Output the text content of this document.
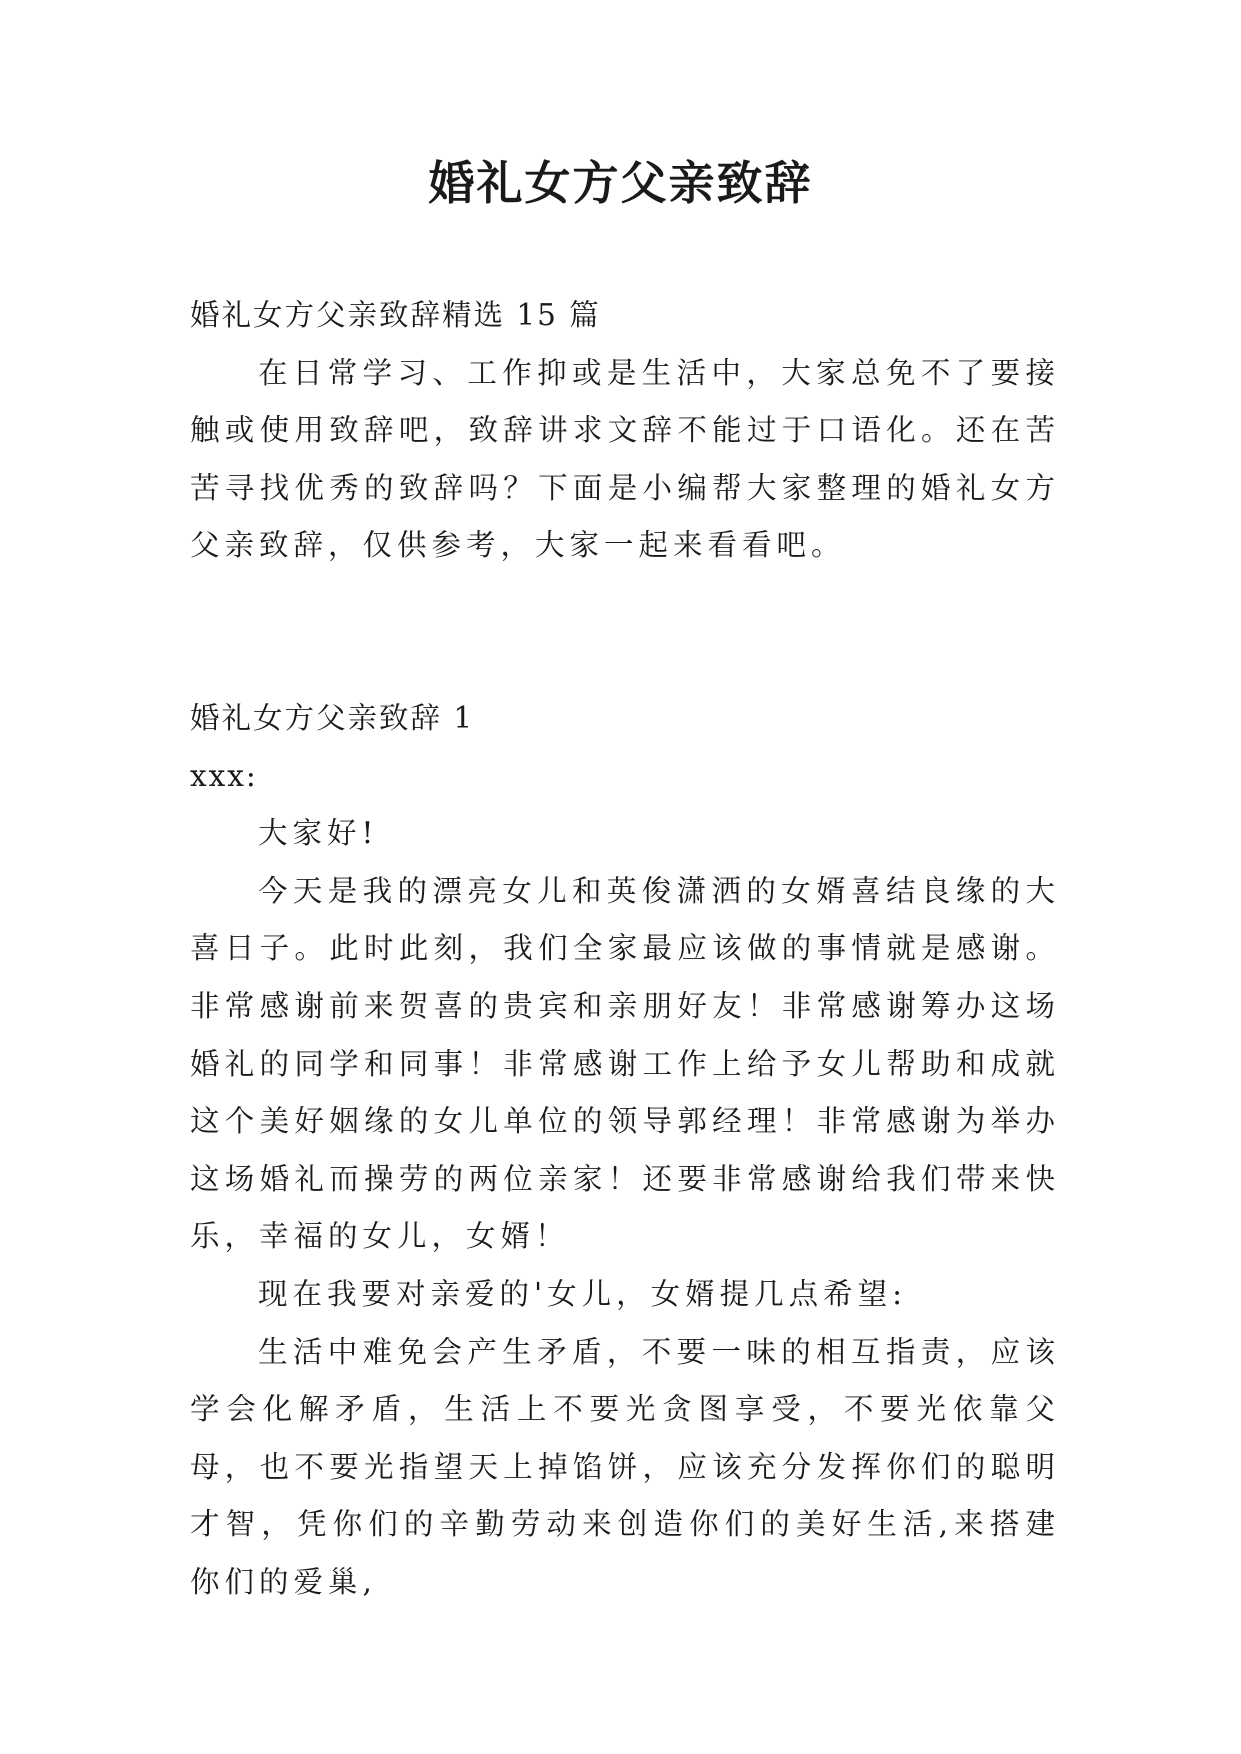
婚礼女方父亲致辞

婚礼女方父亲致辞精选 15 篇

在日常学习、工作抑或是生活中，大家总免不了要接触或使用致辞吧，致辞讲求文辞不能过于口语化。还在苦苦寻找优秀的致辞吗？下面是小编帮大家整理的婚礼女方父亲致辞，仅供参考，大家一起来看看吧。

婚礼女方父亲致辞 1

xxx:

大家好!

今天是我的漂亮女儿和英俊潇洒的女婿喜结良缘的大喜日子。此时此刻，我们全家最应该做的事情就是感谢。非常感谢前来贺喜的贵宾和亲朋好友！非常感谢筹办这场婚礼的同学和同事！非常感谢工作上给予女儿帮助和成就这个美好姻缘的女儿单位的领导郭经理！非常感谢为举办这场婚礼而操劳的两位亲家！还要非常感谢给我们带来快乐，幸福的女儿，女婿！

现在我要对亲爱的'女儿，女婿提几点希望:

生活中难免会产生矛盾，不要一味的相互指责，应该学会化解矛盾，生活上不要光贪图享受，不要光依靠父母，也不要光指望天上掉馅饼，应该充分发挥你们的聪明才智，凭你们的辛勤劳动来创造你们的美好生活,来搭建你们的爱巢,
